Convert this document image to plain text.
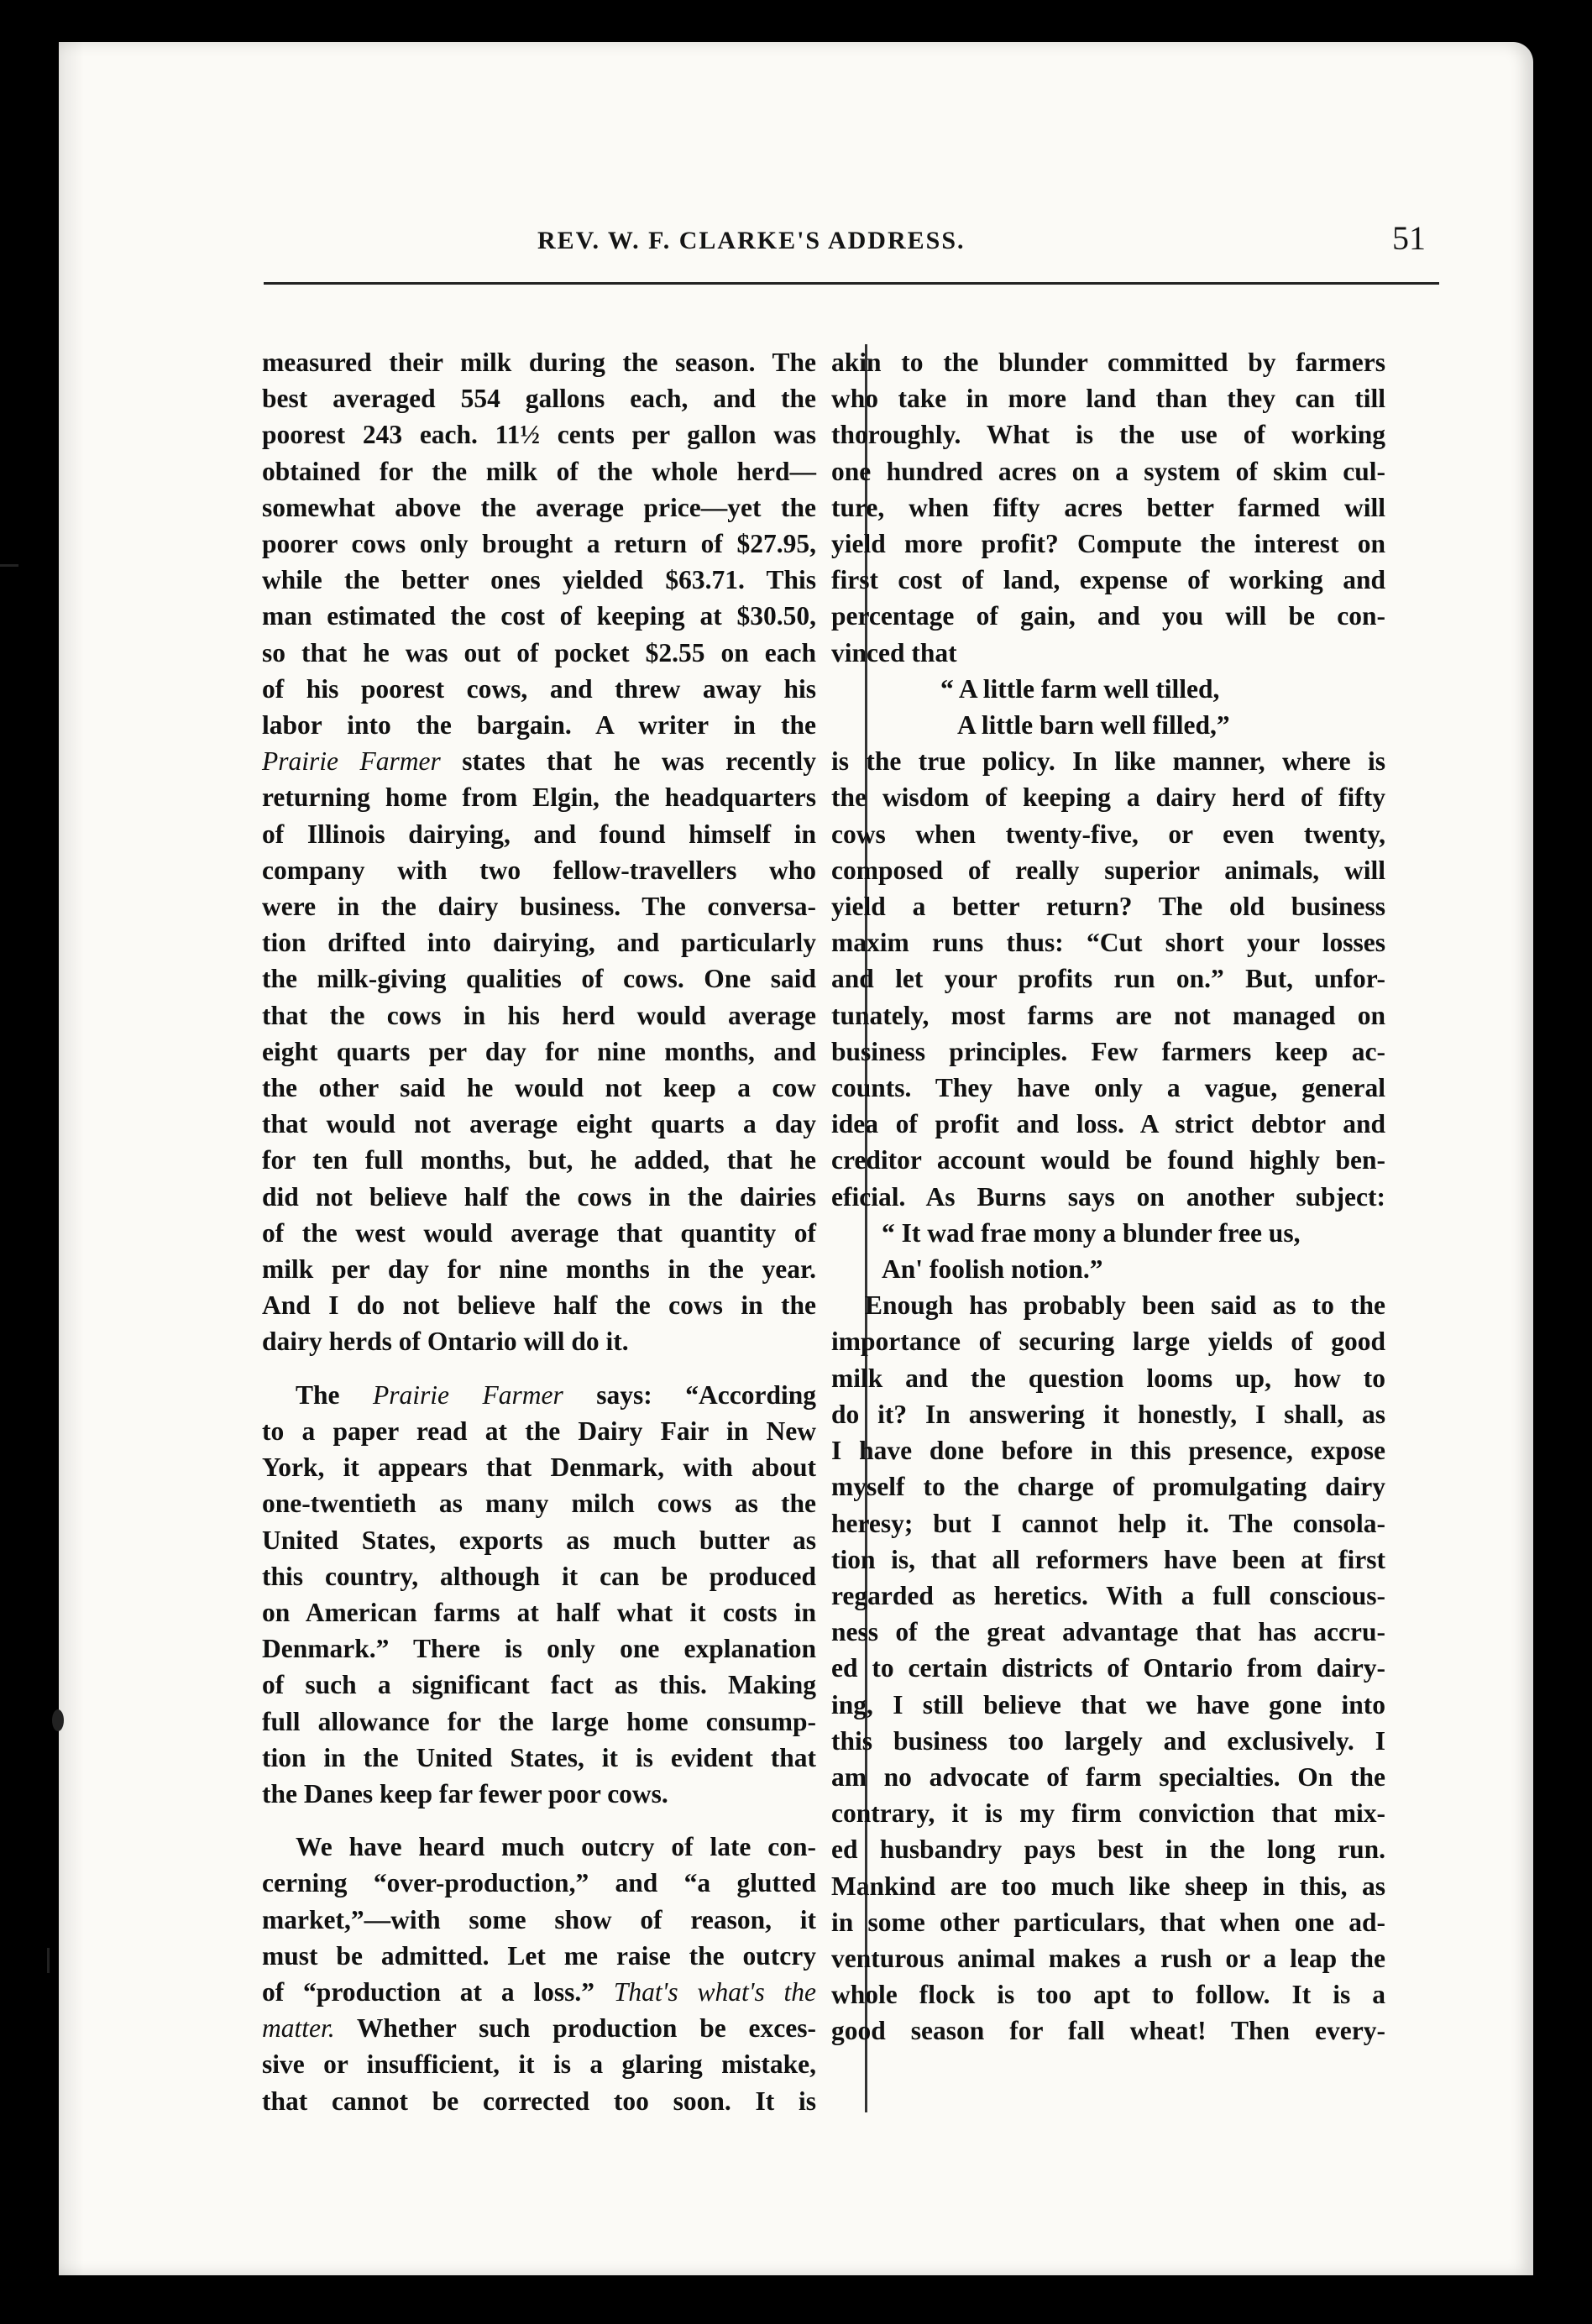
REV. W. F. CLARKE'S ADDRESS.	51
measured their milk during the season. The
best averaged 554 gallons each, and the
poorest 243 each. 11½ cents per gallon was
obtained for the milk of the whole herd—
somewhat above the average price—yet the
poorer cows only brought a return of $27.95,
while the better ones yielded $63.71. This
man estimated the cost of keeping at $30.50,
so that he was out of pocket $2.55 on each
of his poorest cows, and threw away his
labor into the bargain. A writer in the
Prairie Farmer states that he was recently
returning home from Elgin, the headquarters
of Illinois dairying, and found himself in
company with two fellow-travellers who
were in the dairy business. The conversa-
tion drifted into dairying, and particularly
the milk-giving qualities of cows. One said
that the cows in his herd would average
eight quarts per day for nine months, and
the other said he would not keep a cow
that would not average eight quarts a day
for ten full months, but, he added, that he
did not believe half the cows in the dairies
of the west would average that quantity of
milk per day for nine months in the year.
And I do not believe half the cows in the
dairy herds of Ontario will do it.
The Prairie Farmer says: “According
to a paper read at the Dairy Fair in New
York, it appears that Denmark, with about
one-twentieth as many milch cows as the
United States, exports as much butter as
this country, although it can be produced
on American farms at half what it costs in
Denmark.” There is only one explanation
of such a significant fact as this. Making
full allowance for the large home consump-
tion in the United States, it is evident that
the Danes keep far fewer poor cows.
We have heard much outcry of late con-
cerning “over-production,” and “a glutted
market,”—with some show of reason, it
must be admitted. Let me raise the outcry
of “production at a loss.” That's what's the
matter. Whether such production be exces-
sive or insufficient, it is a glaring mistake,
that cannot be corrected too soon. It is
akin to the blunder committed by farmers
who take in more land than they can till
thoroughly. What is the use of working
one hundred acres on a system of skim cul-
ture, when fifty acres better farmed will
yield more profit? Compute the interest on
first cost of land, expense of working and
percentage of gain, and you will be con-
vinced that
“ A little farm well tilled,
A little barn well filled,”
is the true policy. In like manner, where is
the wisdom of keeping a dairy herd of fifty
cows when twenty-five, or even twenty,
composed of really superior animals, will
yield a better return? The old business
maxim runs thus: “Cut short your losses
and let your profits run on.” But, unfor-
tunately, most farms are not managed on
business principles. Few farmers keep ac-
counts. They have only a vague, general
idea of profit and loss. A strict debtor and
creditor account would be found highly ben-
eficial. As Burns says on another subject:
“ It wad frae mony a blunder free us,
An' foolish notion.”
Enough has probably been said as to the
importance of securing large yields of good
milk and the question looms up, how to
do it? In answering it honestly, I shall, as
I have done before in this presence, expose
myself to the charge of promulgating dairy
heresy; but I cannot help it. The consola-
tion is, that all reformers have been at first
regarded as heretics. With a full conscious-
ness of the great advantage that has accru-
ed to certain districts of Ontario from dairy-
ing, I still believe that we have gone into
this business too largely and exclusively. I
am no advocate of farm specialties. On the
contrary, it is my firm conviction that mix-
ed husbandry pays best in the long run.
Mankind are too much like sheep in this, as
in some other particulars, that when one ad-
venturous animal makes a rush or a leap the
whole flock is too apt to follow. It is a
good season for fall wheat! Then every-
